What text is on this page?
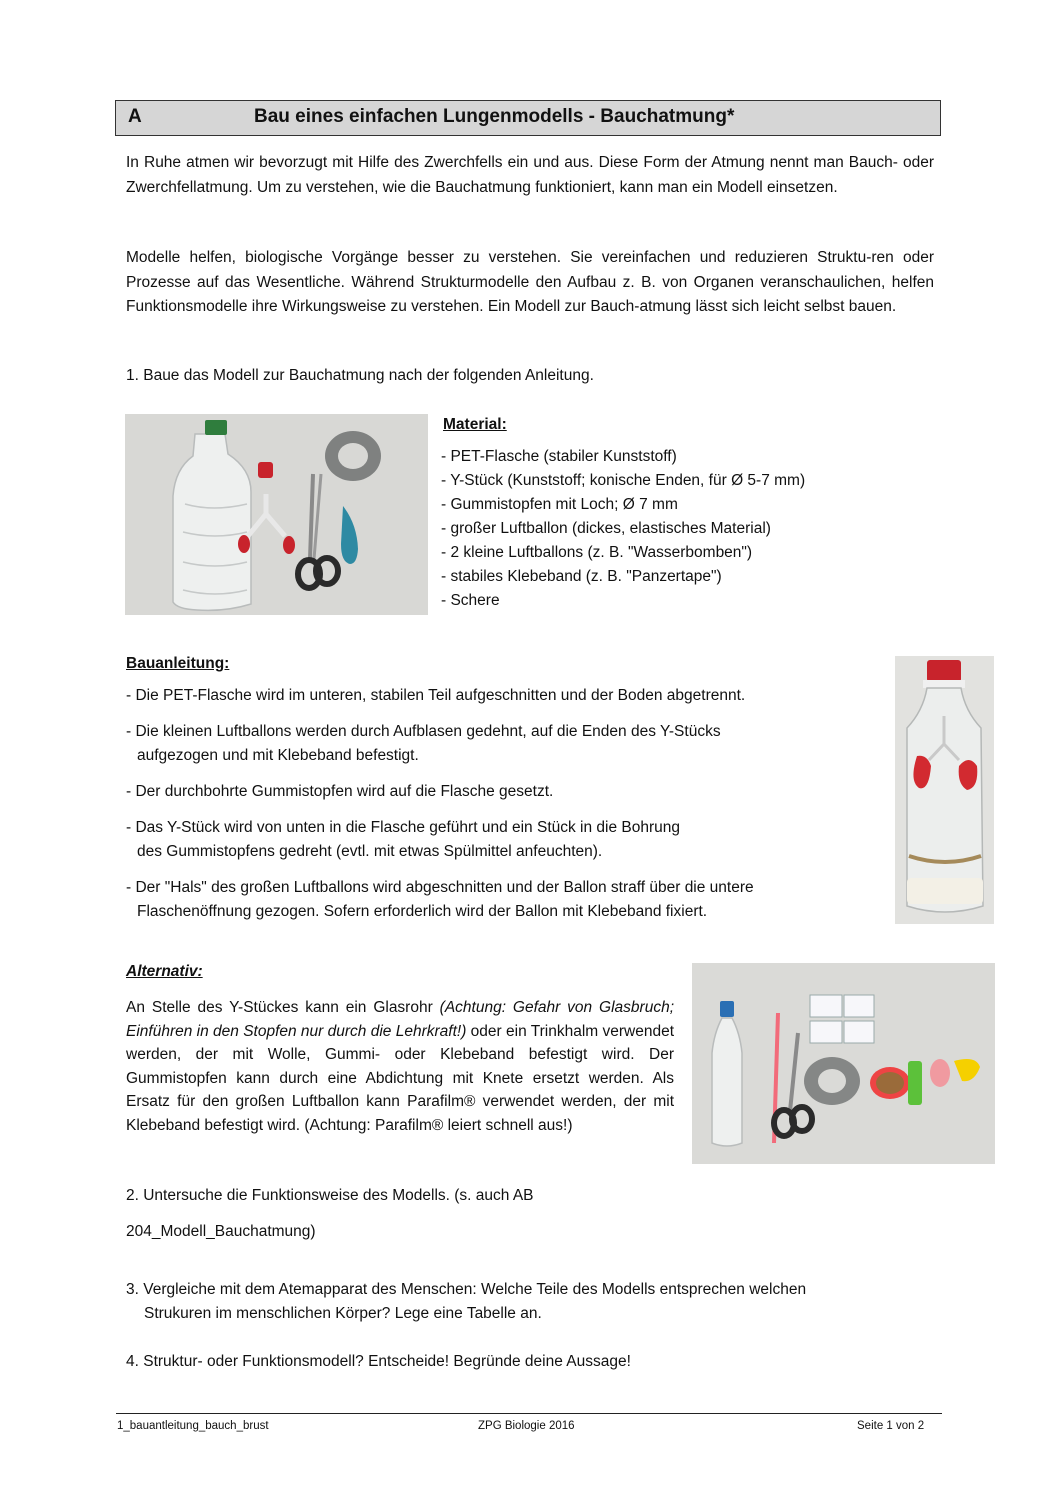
A	Bau eines einfachen Lungenmodells - Bauchatmung*
In Ruhe atmen wir bevorzugt mit Hilfe des Zwerchfells ein und aus. Diese Form der Atmung nennt man Bauch- oder Zwerchfellatmung. Um zu verstehen, wie die Bauchatmung funktioniert, kann man ein Modell einsetzen.
Modelle helfen, biologische Vorgänge besser zu verstehen. Sie vereinfachen und reduzieren Struktu-ren oder Prozesse auf das Wesentliche. Während Strukturmodelle den Aufbau z. B. von Organen veranschaulichen, helfen Funktionsmodelle ihre Wirkungsweise zu verstehen. Ein Modell zur Bauch-atmung lässt sich leicht selbst bauen.
1. Baue das Modell zur Bauchatmung nach der folgenden Anleitung.
Material:
- PET-Flasche (stabiler Kunststoff)
- Y-Stück (Kunststoff; konische Enden, für Ø 5-7 mm)
- Gummistopfen mit Loch; Ø 7 mm
- großer Luftballon (dickes, elastisches Material)
- 2 kleine Luftballons (z. B. "Wasserbomben")
- stabiles Klebeband (z. B. "Panzertape")
- Schere
Bauanleitung:
- Die PET-Flasche wird im unteren, stabilen Teil aufgeschnitten und der Boden abgetrennt.
- Die kleinen Luftballons werden durch Aufblasen gedehnt, auf die Enden des Y-Stücks
aufgezogen und mit Klebeband befestigt.
- Der durchbohrte Gummistopfen wird auf die Flasche gesetzt.
- Das Y-Stück wird von unten in die Flasche geführt und ein Stück in die Bohrung
des Gummistopfens gedreht (evtl. mit etwas Spülmittel anfeuchten).
- Der "Hals" des großen Luftballons wird abgeschnitten und der Ballon straff über die untere
Flaschenöffnung gezogen. Sofern erforderlich wird der Ballon mit Klebeband fixiert.
Alternativ:
An Stelle des Y-Stückes kann ein Glasrohr (Achtung: Gefahr von Glasbruch; Einführen in den Stopfen nur durch die Lehrkraft!) oder ein Trinkhalm verwendet werden, der mit Wolle, Gummi- oder Klebeband befestigt wird. Der Gummistopfen kann durch eine Abdichtung mit Knete ersetzt werden. Als Ersatz für den großen Luftballon kann Parafilm® verwendet werden, der mit Klebeband befestigt wird. (Achtung: Parafilm® leiert schnell aus!)
2. Untersuche die Funktionsweise des Modells. (s. auch AB
204_Modell_Bauchatmung)
3. Vergleiche mit dem Atemapparat des Menschen: Welche Teile des Modells entsprechen welchen
Strukuren im menschlichen Körper? Lege eine Tabelle an.
4. Struktur- oder Funktionsmodell? Entscheide! Begründe deine Aussage!
1_bauantleitung_bauch_brust	ZPG Biologie 2016	Seite 1 von 2
